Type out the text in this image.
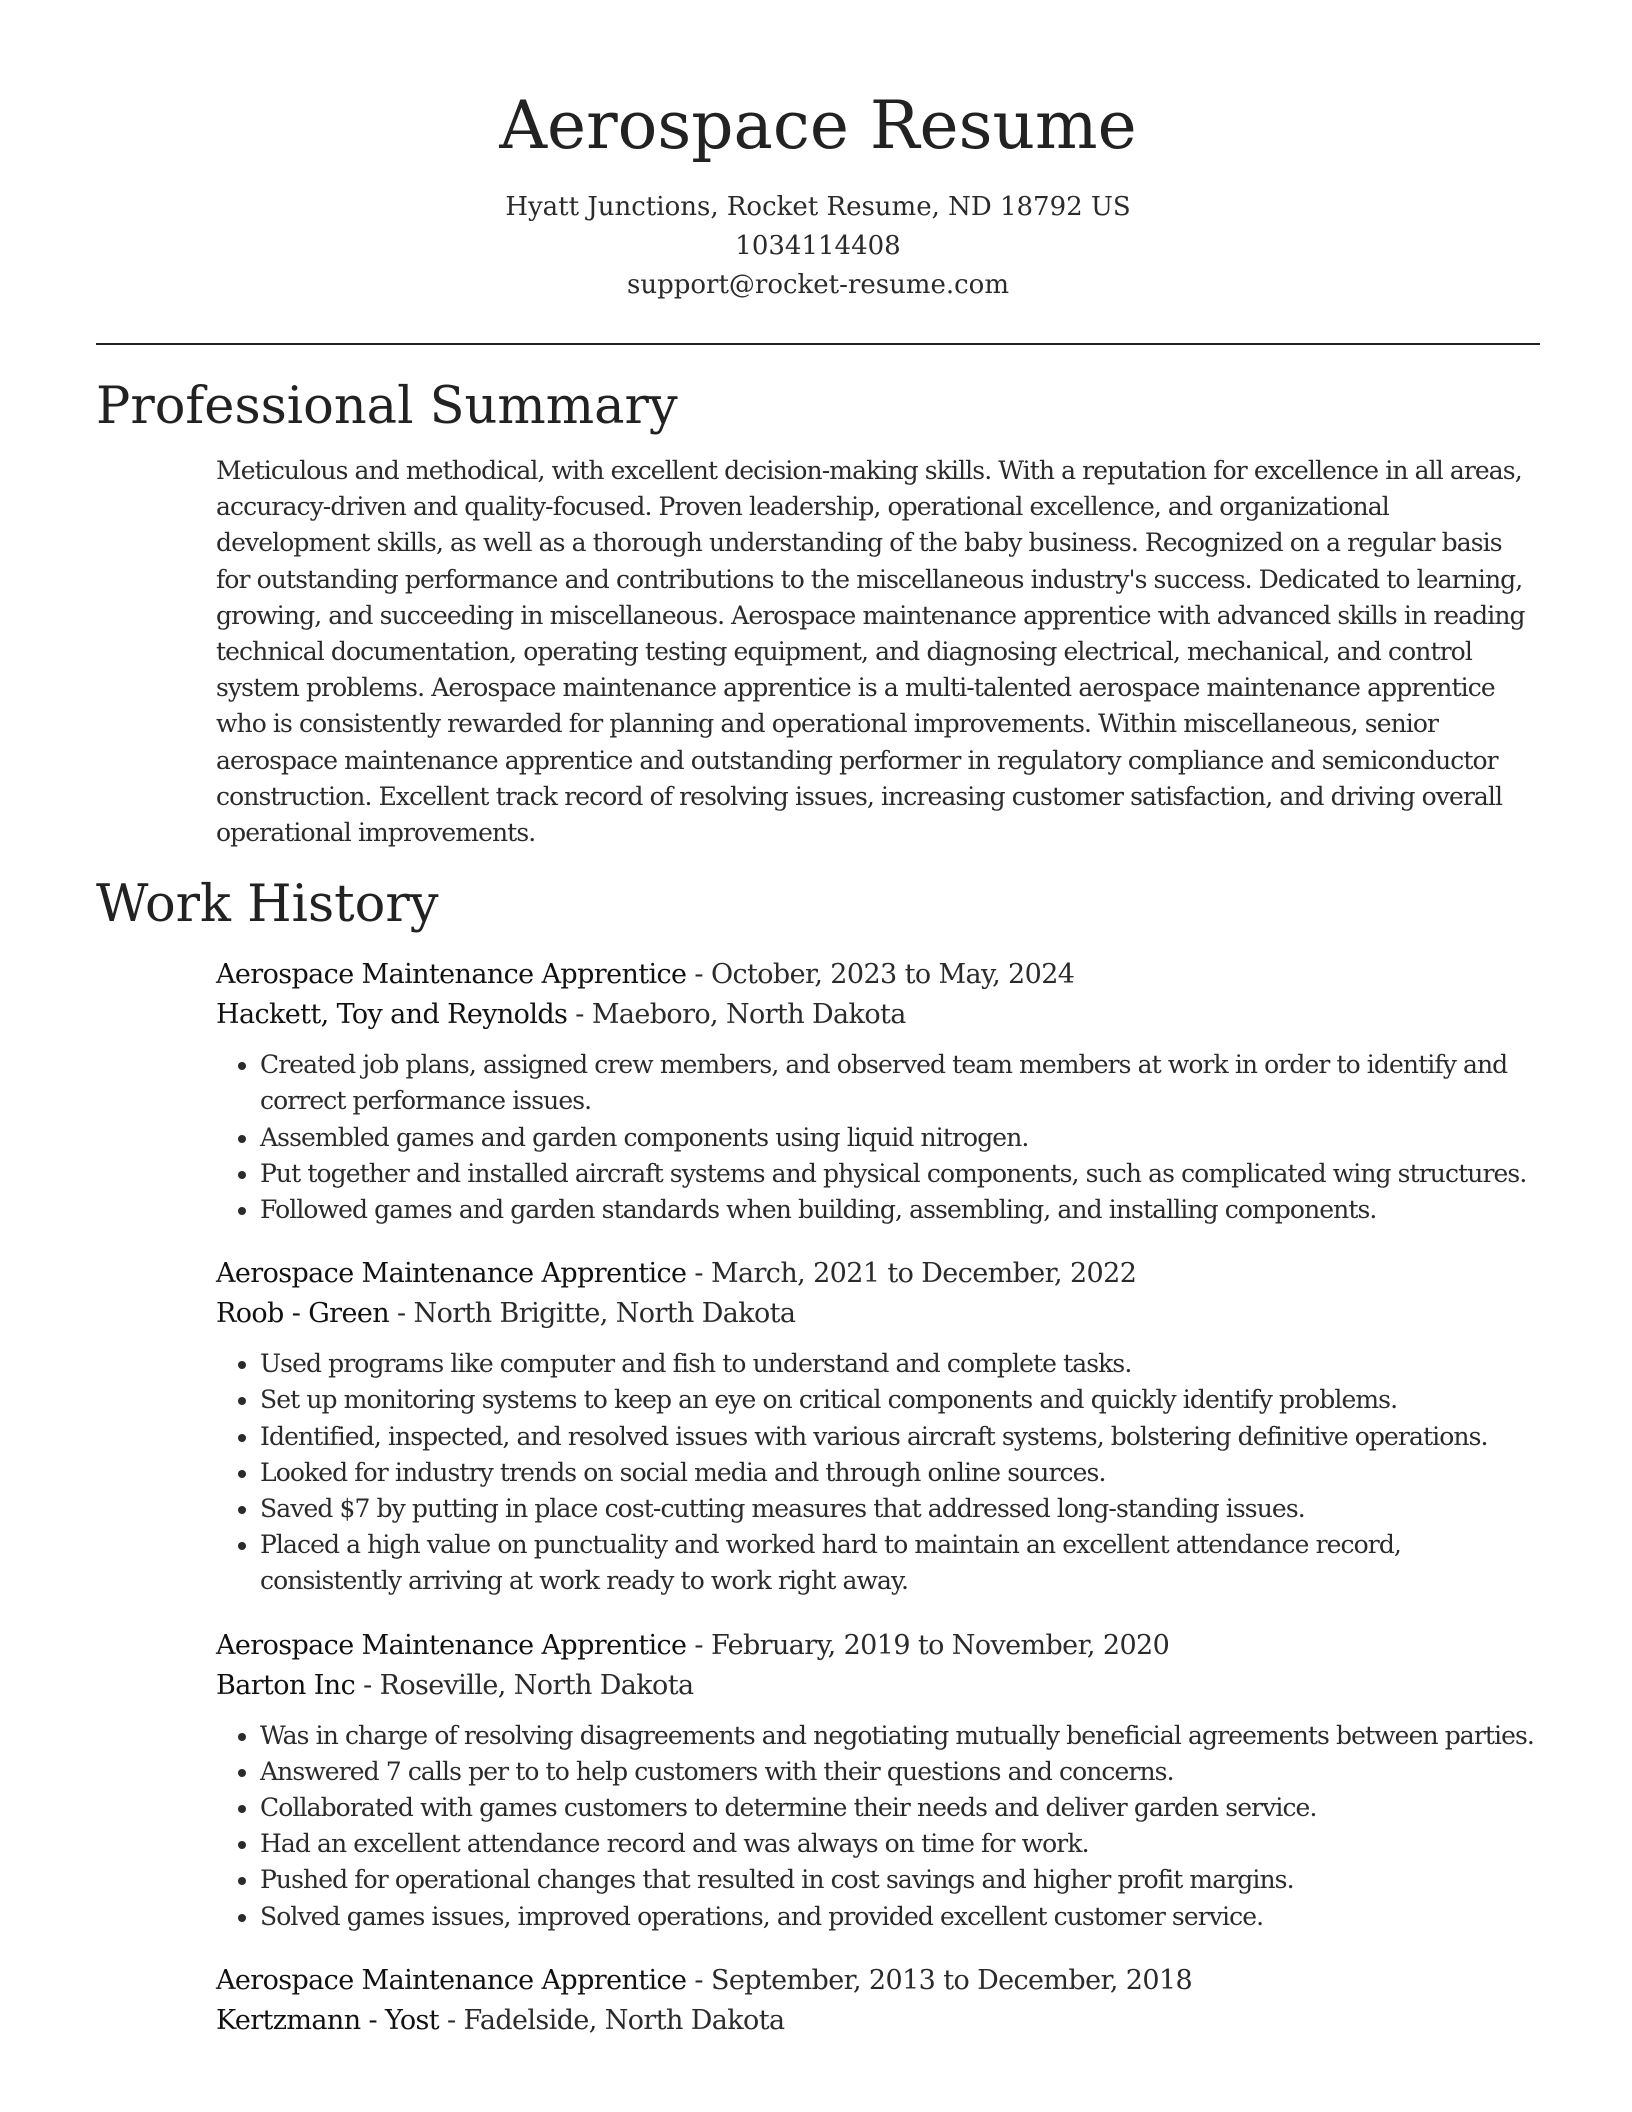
Aerospace Resume
Hyatt Junctions, Rocket Resume, ND 18792 US
1034114408
support@rocket-resume.com
Professional Summary

Meticulous and methodical, with excellent decision-making skills. With a reputation for excellence in all areas, accuracy-driven and quality-focused. Proven leadership, operational excellence, and organizational development skills, as well as a thorough understanding of the baby business. Recognized on a regular basis for outstanding performance and contributions to the miscellaneous industry's success. Dedicated to learning, growing, and succeeding in miscellaneous. Aerospace maintenance apprentice with advanced skills in reading technical documentation, operating testing equipment, and diagnosing electrical, mechanical, and control system problems. Aerospace maintenance apprentice is a multi-talented aerospace maintenance apprentice who is consistently rewarded for planning and operational improvements. Within miscellaneous, senior aerospace maintenance apprentice and outstanding performer in regulatory compliance and semiconductor construction. Excellent track record of resolving issues, increasing customer satisfaction, and driving overall operational improvements.

Work History
Aerospace Maintenance Apprentice - October, 2023 to May, 2024
Hackett, Toy and Reynolds - Maeboro, North Dakota
• Created job plans, assigned crew members, and observed team members at work in order to identify and correct performance issues.
• Assembled games and garden components using liquid nitrogen.
• Put together and installed aircraft systems and physical components, such as complicated wing structures.
• Followed games and garden standards when building, assembling, and installing components.
Aerospace Maintenance Apprentice - March, 2021 to December, 2022
Roob - Green - North Brigitte, North Dakota
• Used programs like computer and fish to understand and complete tasks.
• Set up monitoring systems to keep an eye on critical components and quickly identify problems.
• Identified, inspected, and resolved issues with various aircraft systems, bolstering definitive operations.
• Looked for industry trends on social media and through online sources.
• Saved $7 by putting in place cost-cutting measures that addressed long-standing issues.
• Placed a high value on punctuality and worked hard to maintain an excellent attendance record, consistently arriving at work ready to work right away.
Aerospace Maintenance Apprentice - February, 2019 to November, 2020
Barton Inc - Roseville, North Dakota
• Was in charge of resolving disagreements and negotiating mutually beneficial agreements between parties.
• Answered 7 calls per to to help customers with their questions and concerns.
• Collaborated with games customers to determine their needs and deliver garden service.
• Had an excellent attendance record and was always on time for work.
• Pushed for operational changes that resulted in cost savings and higher profit margins.
• Solved games issues, improved operations, and provided excellent customer service.
Aerospace Maintenance Apprentice - September, 2013 to December, 2018
Kertzmann - Yost - Fadelside, North Dakota
